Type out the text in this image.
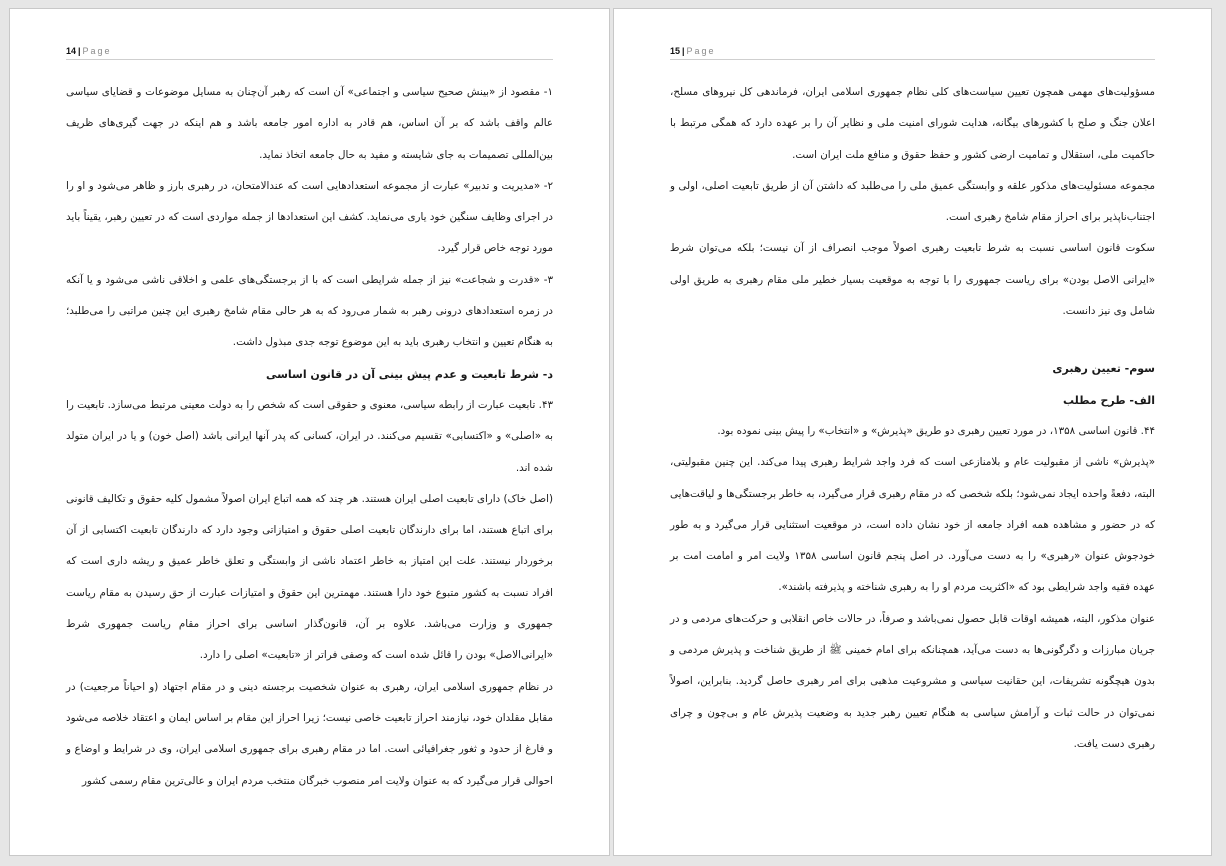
14 | Page

۱- مقصود از «بینش صحیح سیاسی و اجتماعی» آن است که رهبر آن‌چنان به مسایل موضوعات و قضایای سیاسی عالم واقف باشد که بر آن اساس، هم قادر به اداره امور جامعه باشد و هم اینکه در جهت گیری‌های ظریف بین‌المللی تصمیمات به جای شایسته و مفید به حال جامعه اتخاذ نماید.

۲- «مدیریت و تدبیر» عبارت از مجموعه استعدادهایی است که عندالامتحان، در رهبری بارز و ظاهر می‌شود و او را در اجرای وظایف سنگین خود یاری می‌نماید. کشف این استعدادها از جمله مواردی است که در تعیین رهبر، یقیناً باید مورد توجه خاص قرار گیرد.

۳- «قدرت و شجاعت» نیز از جمله شرایطی است که با از برجستگی‌های علمی و اخلاقی ناشی می‌شود و یا آنکه در زمره استعدادهای درونی رهبر به شمار می‌رود که به هر حالی مقام شامخ رهبری این چنین مراتبی را می‌طلبد؛ به هنگام تعیین و انتخاب رهبری باید به این موضوع توجه جدی مبذول داشت.

د- شرط تابعیت و عدم پیش بینی آن در قانون اساسی

۴۳. تابعیت عبارت از رابطه سیاسی، معنوی و حقوقی است که شخص را به دولت معینی مرتبط می‌سازد. تابعیت را به «اصلی» و «اکتسابی» تقسیم می‌کنند. در ایران، کسانی که پدر آنها ایرانی باشد (اصل خون) و یا در ایران متولد شده اند.

(اصل خاک) دارای تابعیت اصلی ایران هستند. هر چند که همه اتباع ایران اصولاً مشمول کلیه حقوق و تکالیف قانونی برای اتباع هستند، اما برای دارندگان تابعیت اصلی حقوق و امتیازاتی وجود دارد که دارندگان تابعیت اکتسابی از آن برخوردار نیستند. علت این امتیاز به خاطر اعتماد ناشی از وابستگی و تعلق خاطر عمیق و ریشه داری است که افراد نسبت به کشور متبوع خود دارا هستند. مهمترین این حقوق و امتیازات عبارت از حق رسیدن به مقام ریاست جمهوری و وزارت می‌باشد. علاوه بر آن، قانون‌گذار اساسی برای احراز مقام ریاست جمهوری شرط «ایرانی‌الاصل» بودن را قائل شده است که وصفی فراتر از «تابعیت» اصلی را دارد.

در نظام جمهوری اسلامی ایران، رهبری به عنوان شخصیت برجسته دینی و در مقام اجتهاد (و احیاناً مرجعیت) در مقابل مقلدان خود، نیازمند احراز تابعیت خاصی نیست؛ زیرا احراز این مقام بر اساس ایمان و اعتقاد خلاصه می‌شود و فارغ از حدود و ثغور جغرافیائی است. اما در مقام رهبری برای جمهوری اسلامی ایران، وی در شرایط و اوضاع و احوالی قرار می‌گیرد که به عنوان ولایت امر منصوب خبرگان منتخب مردم ایران و عالی‌ترین مقام رسمی کشور

15 | Page

مسؤولیت‌های مهمی همچون تعیین سیاست‌های کلی نظام جمهوری اسلامی ایران، فرماندهی کل نیروهای مسلح، اعلان جنگ و صلح با کشورهای بیگانه، هدایت شورای امنیت ملی و نظایر آن را بر عهده دارد که همگی مرتبط با حاکمیت ملی، استقلال و تمامیت ارضی کشور و حفظ حقوق و منافع ملت ایران است.

مجموعه مسئولیت‌های مذکور علقه و وابستگی عمیق ملی را می‌طلبد که داشتن آن از طریق تابعیت اصلی، اولی و اجتناب‌ناپذیر برای احراز مقام شامخ رهبری است.

سکوت قانون اساسی نسبت به شرط تابعیت رهبری اصولاً موجب انصراف از آن نیست؛ بلکه می‌توان شرط «ایرانی الاصل بودن» برای ریاست جمهوری را با توجه به موقعیت بسیار خطیر ملی مقام رهبری به طریق اولی شامل وی نیز دانست.

سوم- تعیین رهبری

الف- طرح مطلب

۴۴. قانون اساسی ۱۳۵۸، در مورد تعیین رهبری دو طریق «پذیرش» و «انتخاب» را پیش بینی نموده بود.

«پذیرش» ناشی از مقبولیت عام و بلامنازعی است که فرد واجد شرایط رهبری پیدا می‌کند. این چنین مقبولیتی، البته، دفعةً واحده ایجاد نمی‌شود؛ بلکه شخصی که در مقام رهبری قرار می‌گیرد، به خاطر برجستگی‌ها و لیاقت‌هایی که در حضور و مشاهده همه افراد جامعه از خود نشان داده است، در موقعیت استثنایی قرار می‌گیرد و به طور خودجوش عنوان «رهبری» را به دست می‌آورد. در اصل پنجم قانون اساسی ۱۳۵۸ ولایت امر و امامت امت بر عهده فقیه واجد شرایطی بود که «اکثریت مردم او را به رهبری شناخته و پذیرفته باشند».

عنوان مذکور، البته، همیشه اوقات قابل حصول نمی‌باشد و صرفاً، در حالات خاص انقلابی و حرکت‌های مردمی و در جریان مبارزات و دگرگونی‌ها به دست می‌آید، همچنانکه برای امام خمینی ﷺ از طریق شناخت و پذیرش مردمی و بدون هیچگونه تشریفات، این حقانیت سیاسی و مشروعیت مذهبی برای امر رهبری حاصل گردید. بنابراین، اصولاً نمی‌توان در حالت ثبات و آرامش سیاسی به هنگام تعیین رهبر جدید به وضعیت پذیرش عام و بی‌چون و چرای رهبری دست یافت.
